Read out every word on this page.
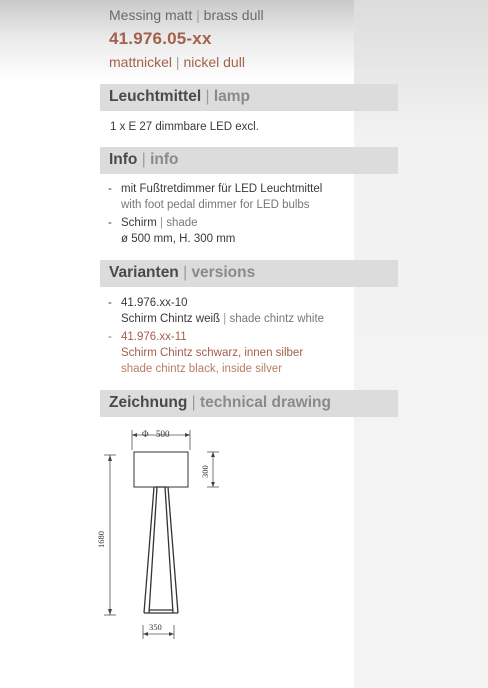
Messing matt | brass dull
41.976.05-xx
mattnickel | nickel dull
Leuchtmittel | lamp
1 x E 27 dimmbare LED excl.
Info | info
- mit Fußtretdimmer für LED Leuchtmittel
with foot pedal dimmer for LED bulbs
- Schirm | shade
ø 500 mm, H. 300 mm
Varianten | versions
- 41.976.xx-10
Schirm Chintz weiß | shade chintz white
- 41.976.xx-11
Schirm Chintz schwarz, innen silber
shade chintz black, inside silver
Zeichnung | technical drawing
Φ 500
300
1680
350
